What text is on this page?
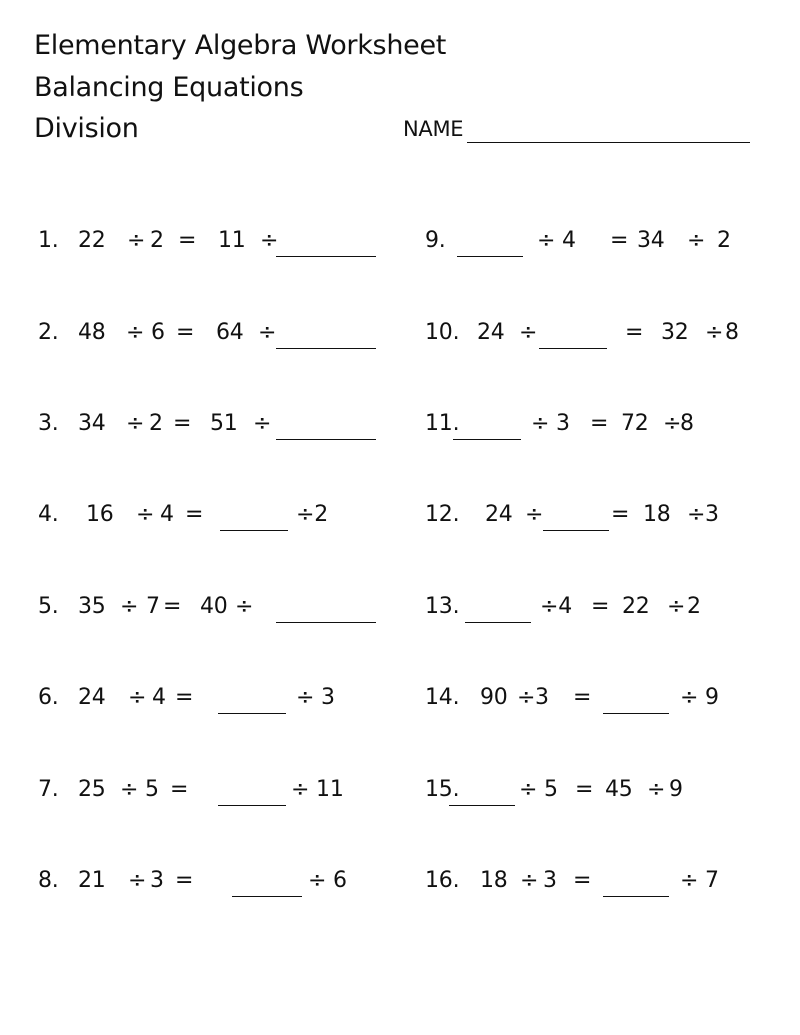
Elementary Algebra Worksheet
Balancing Equations
Division	NAME
1. 22 ÷ 2 = 11 ÷
2. 48 ÷ 6 = 64 ÷
3. 34 ÷ 2 = 51 ÷
4. 16 ÷ 4 =	÷2
5. 35 ÷ 7 = 40 ÷
6. 24 ÷ 4 =	÷ 3
7. 25 ÷ 5 =	÷ 11
8. 21 ÷ 3 =	÷ 6
9.	÷ 4 = 34 ÷ 2
10. 24 ÷	= 32 ÷ 8
11.	÷ 3 = 72 ÷
8
12. 24 ÷	= 18 ÷ 3
13.	÷4 = 22 ÷ 2
14. 90 ÷ 3 =	÷ 9
15.	÷ 5 = 45 ÷ 9
16. 18 ÷ 3 =	÷ 7
